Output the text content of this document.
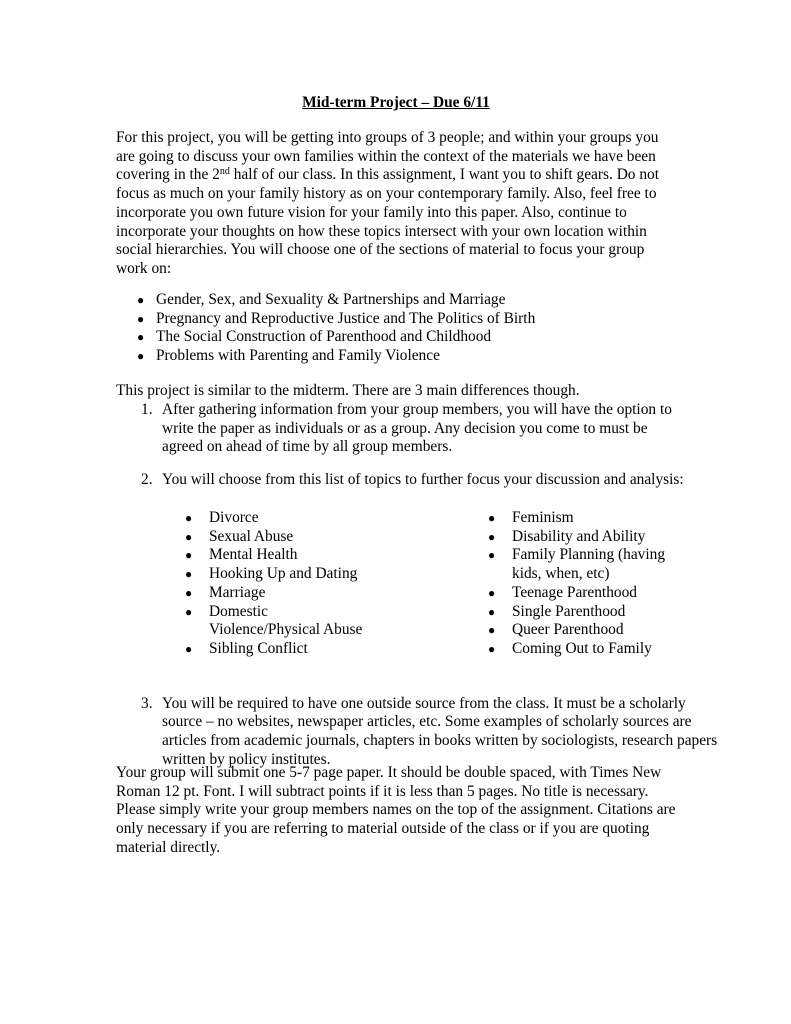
Mid-term Project – Due 6/11

For this project, you will be getting into groups of 3 people; and within your groups you are going to discuss your own families within the context of the materials we have been covering in the 2nd half of our class. In this assignment, I want you to shift gears. Do not focus as much on your family history as on your contemporary family. Also, feel free to incorporate you own future vision for your family into this paper. Also, continue to incorporate your thoughts on how these topics intersect with your own location within social hierarchies. You will choose one of the sections of material to focus your group work on:

● Gender, Sex, and Sexuality & Partnerships and Marriage
● Pregnancy and Reproductive Justice and The Politics of Birth
● The Social Construction of Parenthood and Childhood
● Problems with Parenting and Family Violence

This project is similar to the midterm. There are 3 main differences though.

1. After gathering information from your group members, you will have the option to write the paper as individuals or as a group. Any decision you come to must be agreed on ahead of time by all group members.
2. You will choose from this list of topics to further focus your discussion and analysis:
● Divorce
● Sexual Abuse
● Mental Health
● Hooking Up and Dating
● Marriage
● Domestic Violence/Physical Abuse
● Sibling Conflict
● Feminism
● Disability and Ability
● Family Planning (having kids, when, etc)
● Teenage Parenthood
● Single Parenthood
● Queer Parenthood
● Coming Out to Family
3. You will be required to have one outside source from the class. It must be a scholarly source – no websites, newspaper articles, etc. Some examples of scholarly sources are articles from academic journals, chapters in books written by sociologists, research papers written by policy institutes.

Your group will submit one 5-7 page paper. It should be double spaced, with Times New Roman 12 pt. Font. I will subtract points if it is less than 5 pages. No title is necessary. Please simply write your group members names on the top of the assignment. Citations are only necessary if you are referring to material outside of the class or if you are quoting material directly.
